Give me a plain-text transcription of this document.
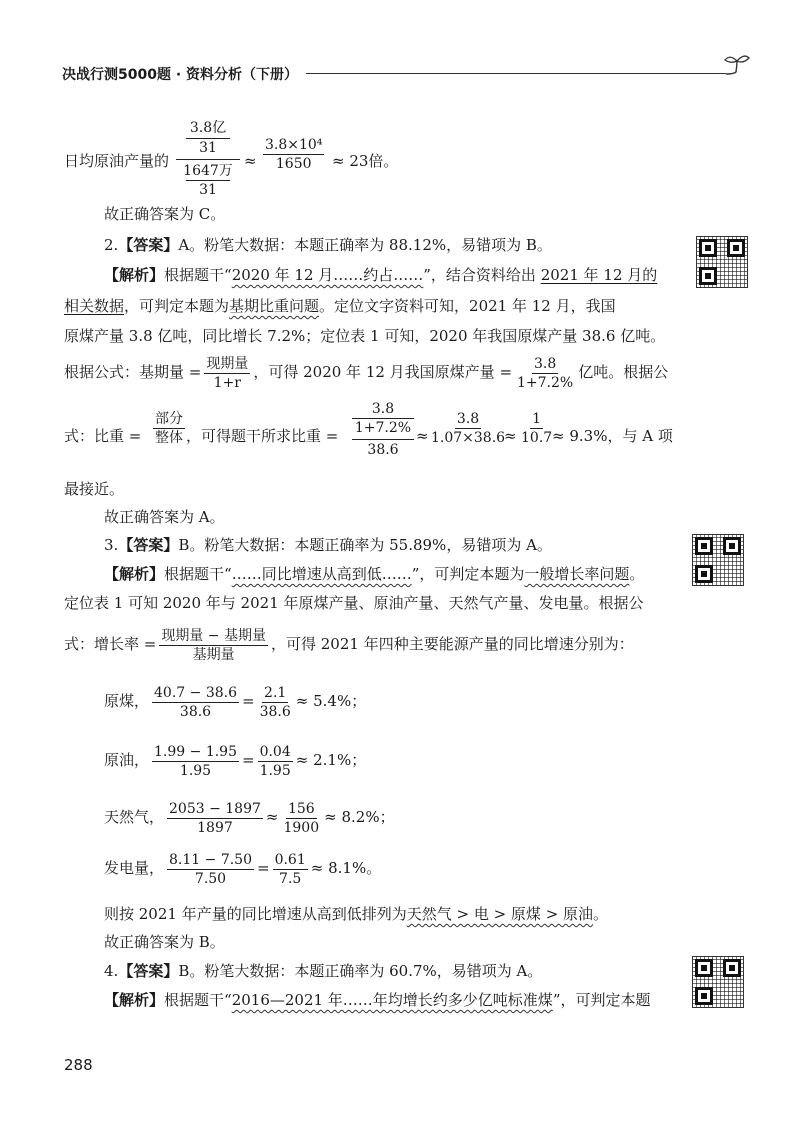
决战行测5000题 · 资料分析（下册）
日均原油产量的
3.8亿
31
1647万
31
≈ $\frac{\text{3.8×10⁴}}{1650} \approx 23$倍。
故正确答案为 C。
2.【答案】A。粉笔大数据：本题正确率为 88.12%，易错项为 B。
【解析】根据题干“2020 年 12 月……约占……”，结合资料给出 2021 年 12 月的
相关数据，可判定本题为基期比重问题。定位文字资料可知，2021 年 12 月，我国
原煤产量 3.8 亿吨，同比增长 7.2%；定位表 1 可知，2020 年我国原煤产量 38.6 亿吨。
根据公式：基期量 = $\frac{\text{现期量}}{1+r}$ ，可得 2020 年 12 月我国原煤产量 = $\frac{3.8}{1+7.2\%}$ 亿吨。根据公
式：比重 =
部分
整体 ，可得题干所求比重 =
3.8
1+7.2%
38.6
≈ $\frac{3.8}{1.07\times 38.6}$
≈ $\frac{1}{10.7}$
≈ 9.3%，与 A 项
最接近。
故正确答案为 A。
3.【答案】B。粉笔大数据：本题正确率为 55.89%，易错项为 A。
【解析】根据题干“……同比增速从高到低……”，可判定本题为一般增长率问题。
定位表 1 可知 2020 年与 2021 年原煤产量、原油产量、天然气产量、发电量。根据公
式：增长率 = $\frac{\text{现期量 − 基期量}}{\text{基期量}}$ ，可得 2021 年四种主要能源产量的同比增速分别为：
原煤， $\frac{40.7 - 38.6}{38.6} = \frac{2.1}{38.6} \approx 5.4\%$；
原油， $\frac{1.99 - 1.95}{1.95} = \frac{0.04}{1.95} \approx 2.1\%$；
天然气， $\frac{2053 - 1897}{1897} \approx \frac{156}{1900} \approx 8.2\%$；
发电量， $\frac{8.11 - 7.50}{7.50} = \frac{0.61}{7.5} \approx 8.1\%$。
则按 2021 年产量的同比增速从高到低排列为天然气 > 电 > 原煤 > 原油。
故正确答案为 B。
4.【答案】B。粉笔大数据：本题正确率为 60.7%，易错项为 A。
【解析】根据题干“2016—2021 年……年均增长约多少亿吨标准煤”，可判定本题
288
